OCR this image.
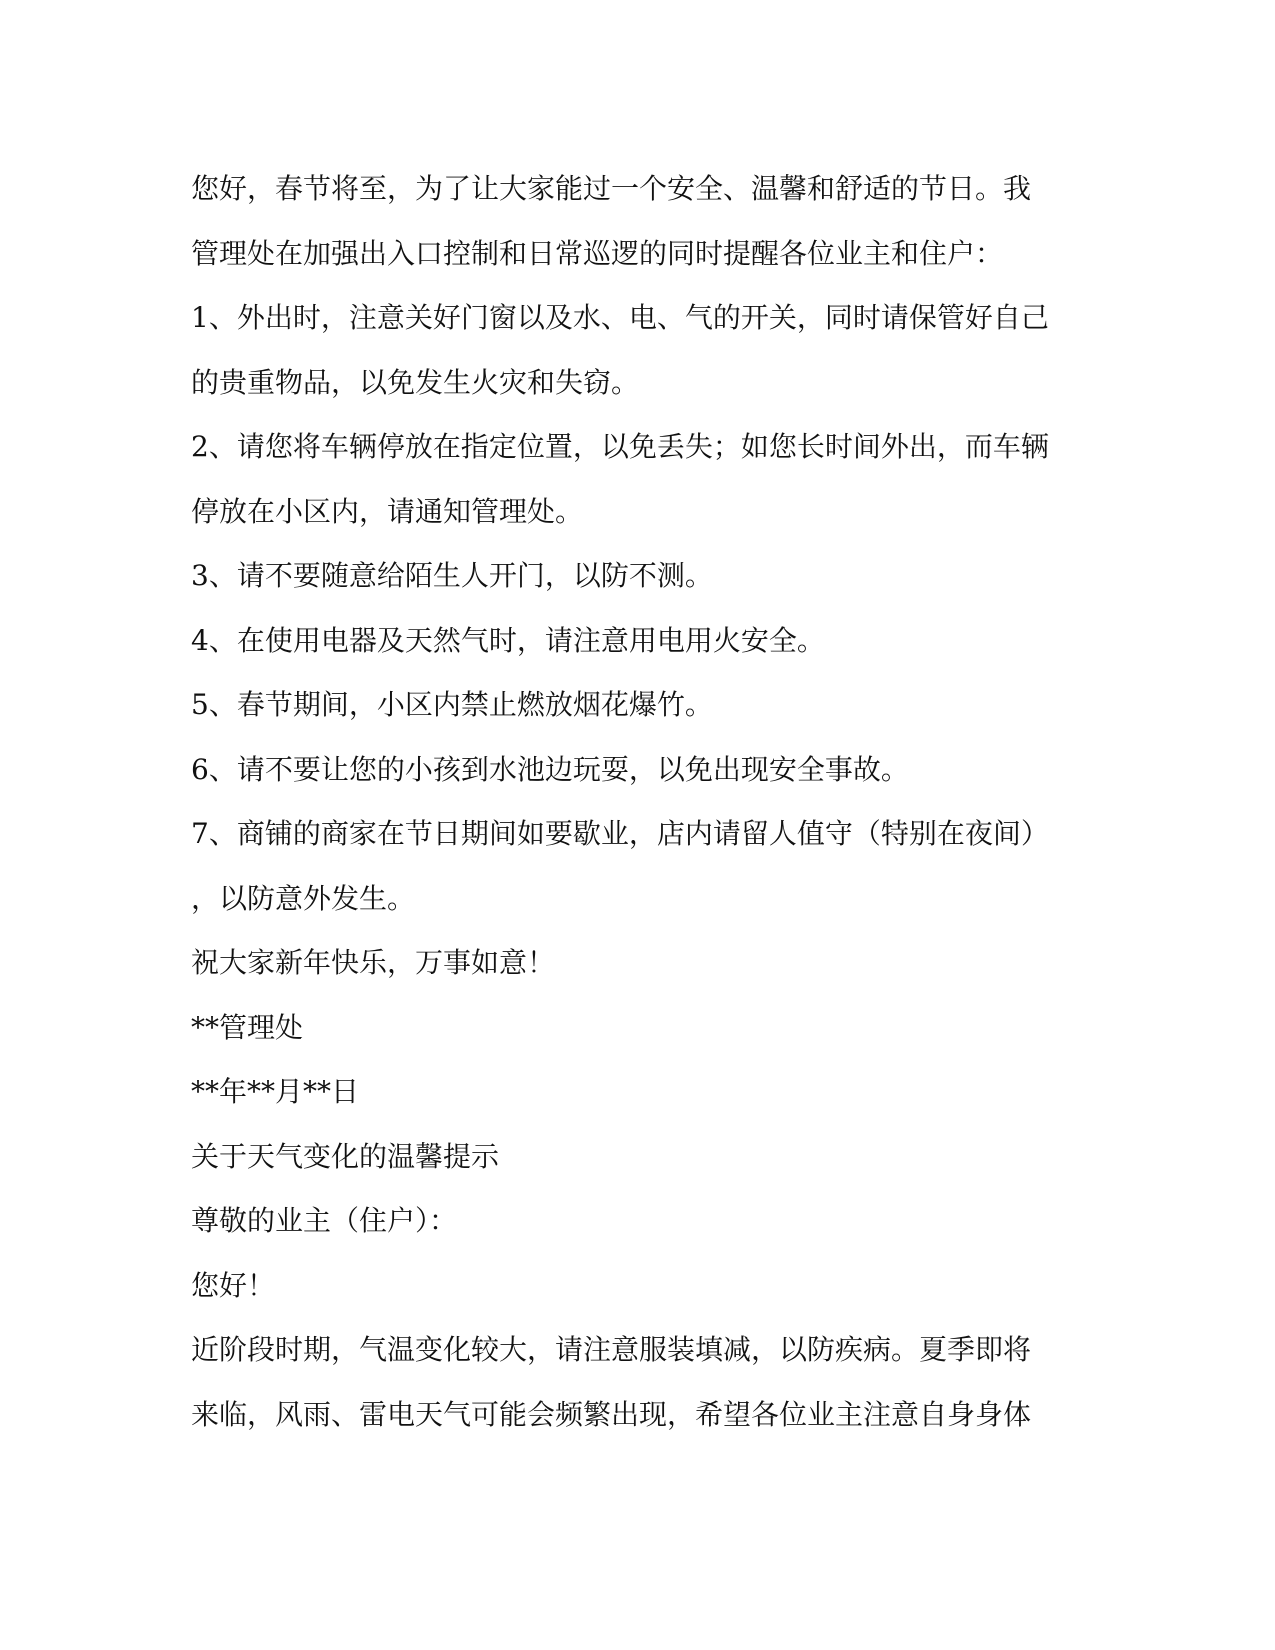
您好，春节将至，为了让大家能过一个安全、温馨和舒适的节日。我
管理处在加强出入口控制和日常巡逻的同时提醒各位业主和住户：
1、外出时，注意关好门窗以及水、电、气的开关，同时请保管好自己
的贵重物品，以免发生火灾和失窃。
2、请您将车辆停放在指定位置，以免丢失；如您长时间外出，而车辆
停放在小区内，请通知管理处。
3、请不要随意给陌生人开门，以防不测。
4、在使用电器及天然气时，请注意用电用火安全。
5、春节期间，小区内禁止燃放烟花爆竹。
6、请不要让您的小孩到水池边玩耍，以免出现安全事故。
7、商铺的商家在节日期间如要歇业，店内请留人值守（特别在夜间）
，以防意外发生。
祝大家新年快乐，万事如意！
**管理处
**年**月**日
关于天气变化的温馨提示
尊敬的业主（住户）：
您好！
近阶段时期，气温变化较大，请注意服装填减，以防疾病。夏季即将
来临，风雨、雷电天气可能会频繁出现，希望各位业主注意自身身体
